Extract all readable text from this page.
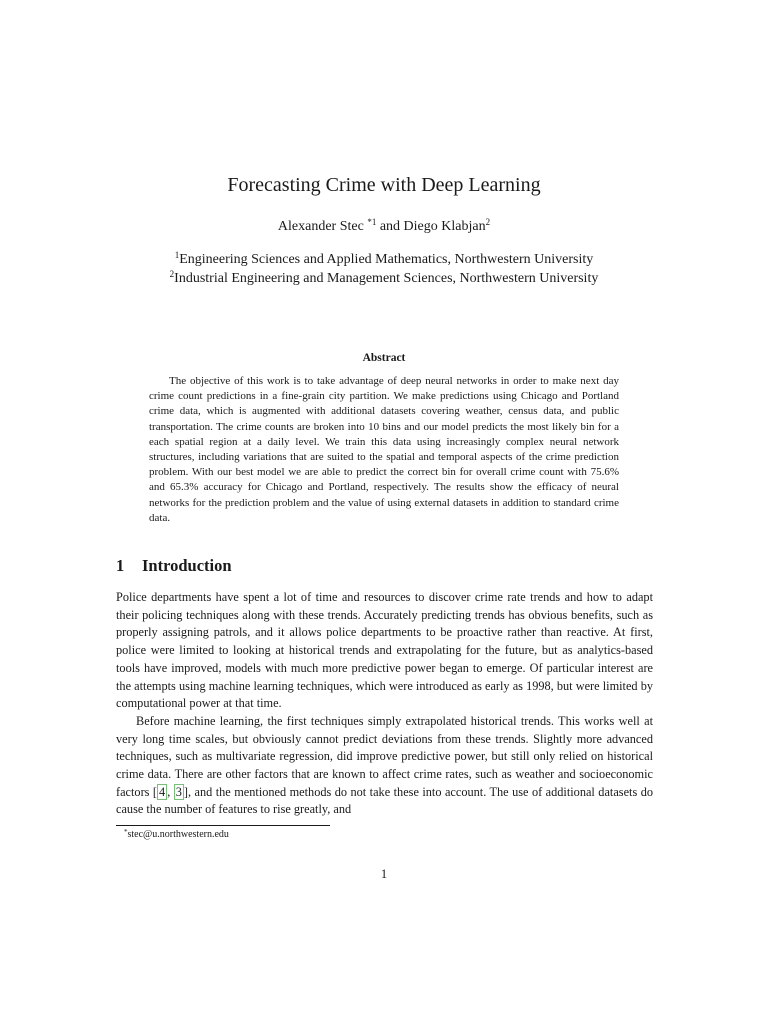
Forecasting Crime with Deep Learning
Alexander Stec $^{*1}$ and Diego Klabjan$^2$
$^1$Engineering Sciences and Applied Mathematics, Northwestern University
$^2$Industrial Engineering and Management Sciences, Northwestern University
Abstract

The objective of this work is to take advantage of deep neural networks in order to make next day crime count predictions in a fine-grain city partition. We make predictions using Chicago and Portland crime data, which is augmented with additional datasets covering weather, census data, and public transportation. The crime counts are broken into 10 bins and our model predicts the most likely bin for a each spatial region at a daily level. We train this data using increasingly complex neural network structures, including variations that are suited to the spatial and temporal aspects of the crime prediction problem. With our best model we are able to predict the correct bin for overall crime count with 75.6% and 65.3% accuracy for Chicago and Portland, respectively. The results show the efficacy of neural networks for the prediction problem and the value of using external datasets in addition to standard crime data.

1 Introduction

Police departments have spent a lot of time and resources to discover crime rate trends and how to adapt their policing techniques along with these trends. Accurately predicting trends has obvious benefits, such as properly assigning patrols, and it allows police departments to be proactive rather than reactive. At first, police were limited to looking at historical trends and extrapolating for the future, but as analytics-based tools have improved, models with much more predictive power began to emerge. Of particular interest are the attempts using machine learning techniques, which were introduced as early as 1998, but were limited by computational power at that time.

Before machine learning, the first techniques simply extrapolated historical trends. This works well at very long time scales, but obviously cannot predict deviations from these trends. Slightly more advanced techniques, such as multivariate regression, did improve predictive power, but still only relied on historical crime data. There are other factors that are known to affect crime rates, such as weather and socioeconomic factors [ 4 , 3 ], and the mentioned methods do not take these into account. The use of additional datasets do cause the number of features to rise greatly, and

*stec@u.northwestern.edu
1
